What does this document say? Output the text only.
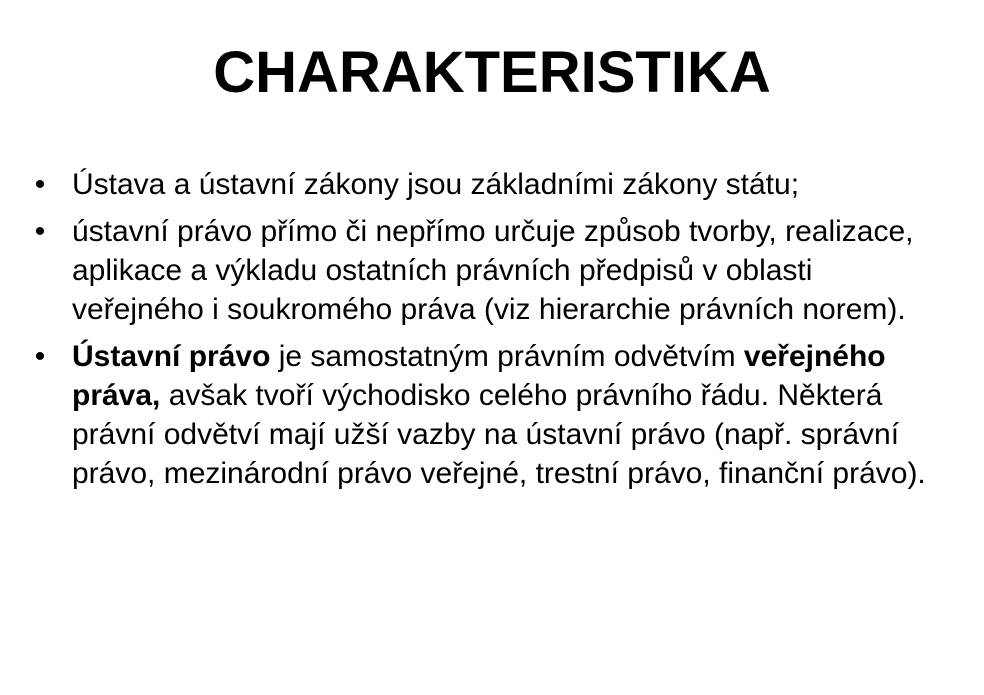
CHARAKTERISTIKA
• Ústava a ústavní zákony jsou základními zákony státu;
• ústavní právo přímo či nepřímo určuje způsob tvorby, realizace, aplikace a výkladu ostatních právních předpisů v oblasti veřejného i soukromého práva (viz hierarchie právních norem).
• Ústavní právo je samostatným právním odvětvím veřejného práva, avšak tvoří východisko celého právního řádu. Některá právní odvětví mají užší vazby na ústavní právo (např. správní právo, mezinárodní právo veřejné, trestní právo, finanční právo).
